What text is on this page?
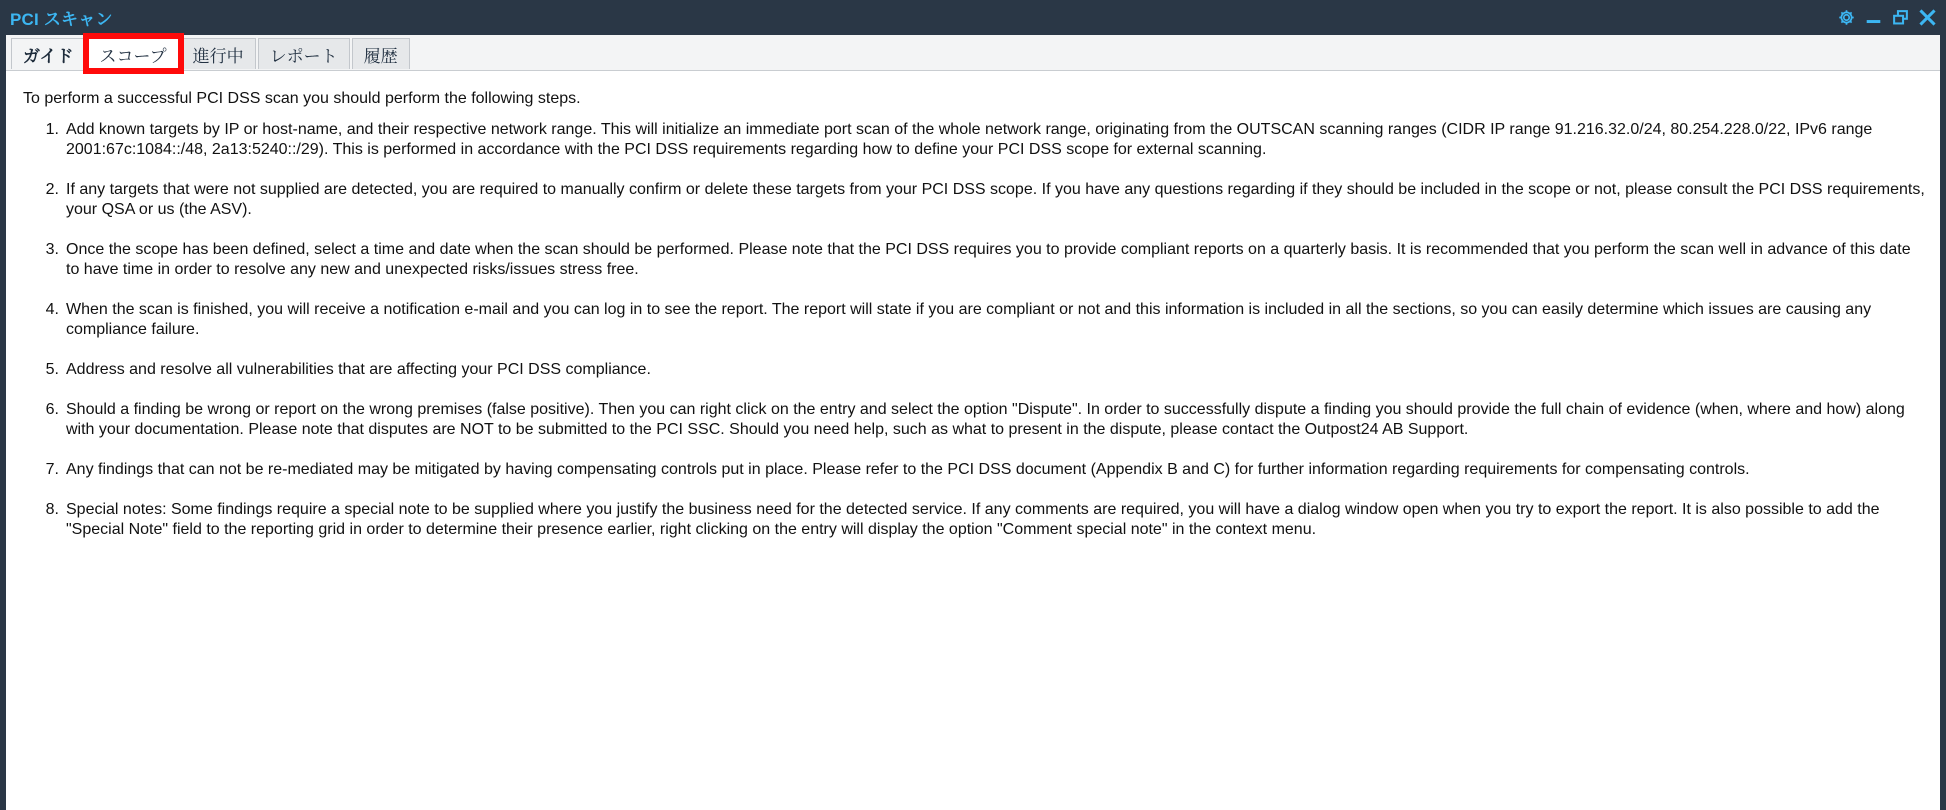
PCI スキャン
ガイド スコープ 進行中 レポート 履歴

To perform a successful PCI DSS scan you should perform the following steps.

1. Add known targets by IP or host-name, and their respective network range. This will initialize an immediate port scan of the whole network range, originating from the OUTSCAN scanning ranges (CIDR IP range 91.216.32.0/24, 80.254.228.0/22, IPv6 range 2001:67c:1084::/48, 2a13:5240::/29). This is performed in accordance with the PCI DSS requirements regarding how to define your PCI DSS scope for external scanning.
2. If any targets that were not supplied are detected, you are required to manually confirm or delete these targets from your PCI DSS scope. If you have any questions regarding if they should be included in the scope or not, please consult the PCI DSS requirements, your QSA or us (the ASV).
3. Once the scope has been defined, select a time and date when the scan should be performed. Please note that the PCI DSS requires you to provide compliant reports on a quarterly basis. It is recommended that you perform the scan well in advance of this date to have time in order to resolve any new and unexpected risks/issues stress free.
4. When the scan is finished, you will receive a notification e-mail and you can log in to see the report. The report will state if you are compliant or not and this information is included in all the sections, so you can easily determine which issues are causing any compliance failure.
5. Address and resolve all vulnerabilities that are affecting your PCI DSS compliance.
6. Should a finding be wrong or report on the wrong premises (false positive). Then you can right click on the entry and select the option "Dispute". In order to successfully dispute a finding you should provide the full chain of evidence (when, where and how) along with your documentation. Please note that disputes are NOT to be submitted to the PCI SSC. Should you need help, such as what to present in the dispute, please contact the Outpost24 AB Support.
7. Any findings that can not be re-mediated may be mitigated by having compensating controls put in place. Please refer to the PCI DSS document (Appendix B and C) for further information regarding requirements for compensating controls.
8. Special notes: Some findings require a special note to be supplied where you justify the business need for the detected service. If any comments are required, you will have a dialog window open when you try to export the report. It is also possible to add the "Special Note" field to the reporting grid in order to determine their presence earlier, right clicking on the entry will display the option "Comment special note" in the context menu.
